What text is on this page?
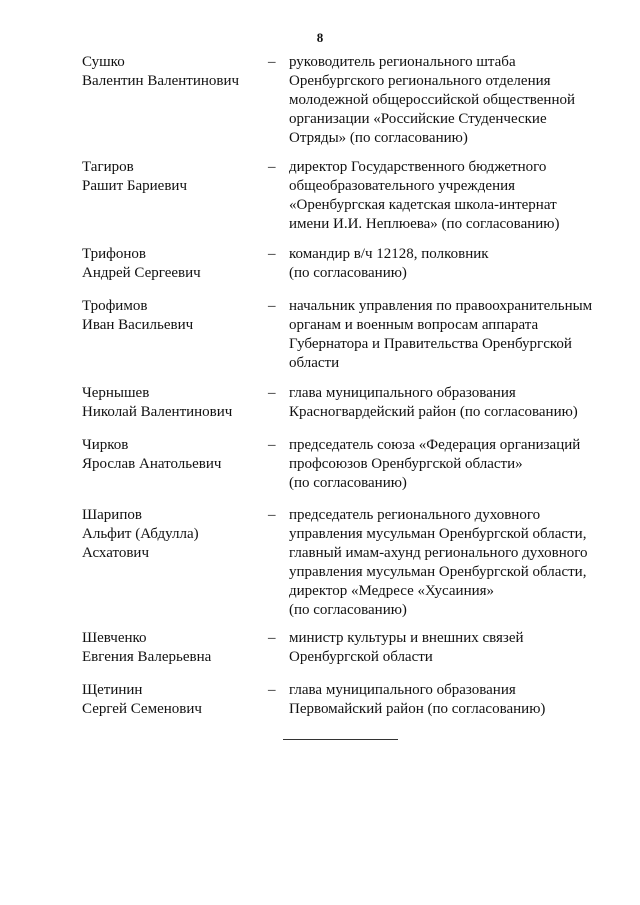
8
Сушко
Валентин Валентинович
– руководитель регионального штаба
Оренбургского регионального отделения
молодежной общероссийской общественной
организации «Российские Студенческие
Отряды» (по согласованию)
Тагиров
Рашит Бариевич
– директор Государственного бюджетного
общеобразовательного учреждения
«Оренбургская кадетская школа-интернат
имени И.И. Неплюева» (по согласованию)
Трифонов
Андрей Сергеевич
– командир в/ч 12128, полковник
(по согласованию)
Трофимов
Иван Васильевич
– начальник управления по правоохранительным
органам и военным вопросам аппарата
Губернатора и Правительства Оренбургской
области
Чернышев
Николай Валентинович
– глава муниципального образования
Красногвардейский район (по согласованию)
Чирков
Ярослав Анатольевич
– председатель союза «Федерация организаций
профсоюзов Оренбургской области»
(по согласованию)
Шарипов
Альфит (Абдулла)
Асхатович
– председатель регионального духовного
управления мусульман Оренбургской области,
главный имам-ахунд регионального духовного
управления мусульман Оренбургской области,
директор «Медресе «Хусаиния»
(по согласованию)
Шевченко
Евгения Валерьевна
– министр культуры и внешних связей
Оренбургской области
Щетинин
Сергей Семенович
– глава муниципального образования
Первомайский район (по согласованию)
